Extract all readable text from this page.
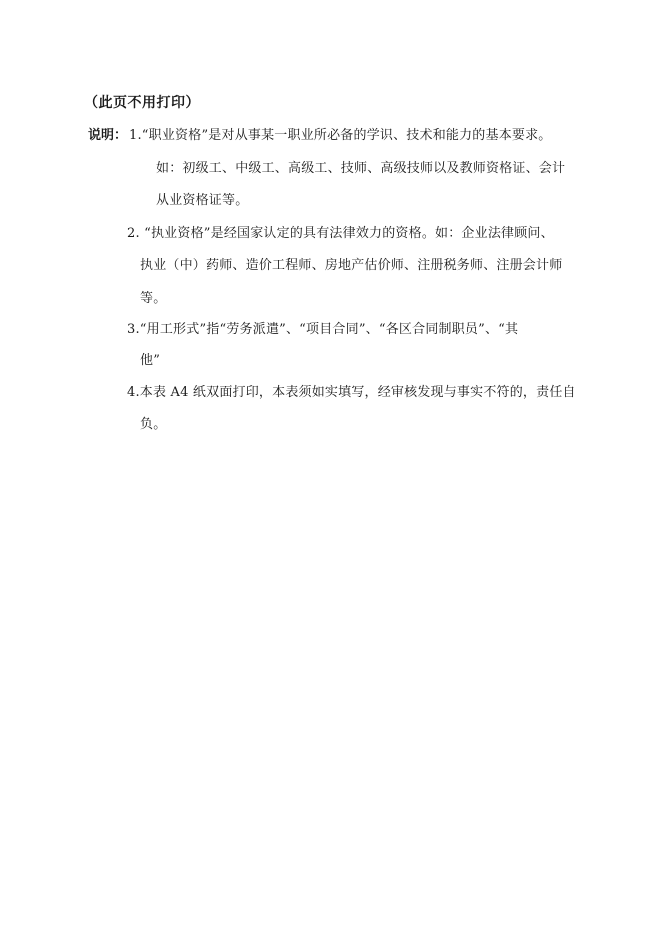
（此页不用打印）
说明： 1.“职业资格”是对从事某一职业所必备的学识、技术和能力的基本要求。
如：初级工、中级工、高级工、技师、高级技师以及教师资格证、会计
从业资格证等。
2. “执业资格”是经国家认定的具有法律效力的资格。如：企业法律顾问、
执业（中）药师、造价工程师、房地产估价师、注册税务师、注册会计师
等。
3.“用工形式”指“劳务派遣”、“项目合同”、“各区合同制职员”、“其
他”
4.本表 A4 纸双面打印，本表须如实填写，经审核发现与事实不符的，责任自
负。
